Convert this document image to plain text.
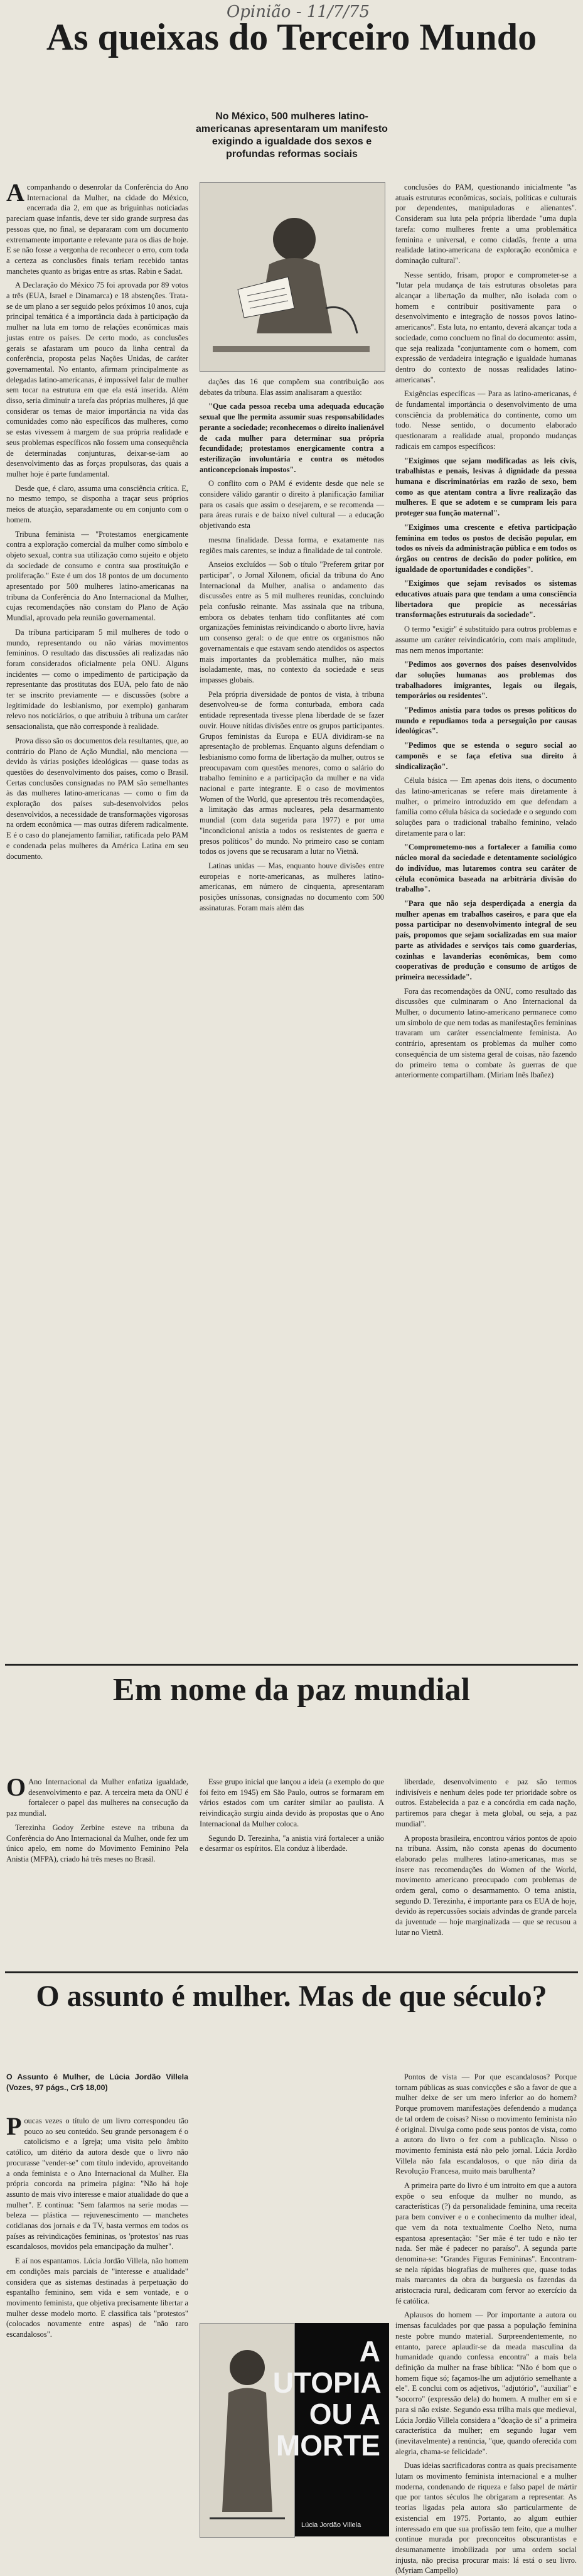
Opinião - 11/7/75
As queixas do Terceiro Mundo
No México, 500 mulheres latino-americanas apresentaram um manifesto exigindo a igualdade dos sexos e profundas reformas sociais

Acompanhando o desenrolar da Conferência do Ano Internacional da Mulher, na cidade do México, encerrada dia 2, em que as briguinhas noticiadas pareciam quase infantis, deve ter sido grande surpresa das pessoas que, no final, se depararam com um documento extremamente importante e relevante para os dias de hoje. E se não fosse a vergonha de reconhecer o erro, com toda a certeza as conclusões finais teriam recebido tantas manchetes quanto as brigas entre as srtas. Rabin e Sadat.

A Declaração do México 75 foi aprovada por 89 votos a três (EUA, Israel e Dinamarca) e 18 abstenções. Trata-se de um plano a ser seguido pelos próximos 10 anos, cuja principal temática é a importância dada à participação da mulher na luta em torno de relações econômicas mais justas entre os países. De certo modo, as conclusões gerais se afastaram um pouco da linha central da conferência, proposta pelas Nações Unidas, de caráter governamental. No entanto, afirmam principalmente as delegadas latino-americanas, é impossível falar de mulher sem tocar na estrutura em que ela está inserida. Além disso, seria diminuir a tarefa das próprias mulheres, já que considerar os temas de maior importância na vida das comunidades como não específicos das mulheres, como se estas vivessem à margem de sua própria realidade e seus problemas específicos não fossem uma consequência de determinadas conjunturas, deixar-se-iam ao desenvolvimento das as forças propulsoras, das quais a mulher hoje é parte fundamental.

Desde que, é claro, assuma uma consciência crítica. E, no mesmo tempo, se disponha a traçar seus próprios meios de atuação, separadamente ou em conjunto com o homem.

Tribuna feminista — "Protestamos energicamente contra a exploração comercial da mulher como símbolo e objeto sexual, contra sua utilização como sujeito e objeto da sociedade de consumo e contra sua prostituição e proliferação." Este é um dos 18 pontos de um documento apresentado por 500 mulheres latino-americanas na tribuna da Conferência do Ano Internacional da Mulher, cujas recomendações não constam do Plano de Ação Mundial, aprovado pela reunião governamental.

Da tribuna participaram 5 mil mulheres de todo o mundo, representando ou não várias movimentos femininos. O resultado das discussões ali realizadas não foram considerados oficialmente pela ONU. Alguns incidentes — como o impedimento de participação da representante das prostitutas dos EUA, pelo fato de não ter se inscrito previamente — e discussões (sobre a legitimidade do lesbianismo, por exemplo) ganharam relevo nos noticiários, o que atribuiu à tribuna um caráter sensacionalista, que não corresponde à realidade.

Prova disso são os documentos dela resultantes, que, ao contrário do Plano de Ação Mundial, não menciona — devido às várias posições ideológicas — quase todas as questões do desenvolvimento dos países, como o Brasil. Certas conclusões consignadas no PAM são semelhantes às das mulheres latino-americanas — como o fim da exploração dos países sub-desenvolvidos pelos desenvolvidos, a necessidade de transformações vigorosas na ordem econômica — mas outras diferem radicalmente. E é o caso do planejamento familiar, ratificada pelo PAM e condenada pelas mulheres da América Latina em seu documento.

dações das 16 que compõem sua contribuição aos debates da tribuna. Elas assim analisaram a questão:

"Que cada pessoa receba uma adequada educação sexual que lhe permita assumir suas responsabilidades perante a sociedade; reconhecemos o direito inalienável de cada mulher para determinar sua própria fecundidade; protestamos energicamente contra a esterilização involuntária e contra os métodos anticoncepcionais impostos".

O conflito com o PAM é evidente desde que nele se considere válido garantir o direito à planificação familiar para os casais que assim o desejarem, e se recomenda — para áreas rurais e de baixo nível cultural — a educação objetivando esta

mesma finalidade. Dessa forma, e exatamente nas regiões mais carentes, se induz a finalidade de tal controle.

Anseios excluídos — Sob o título "Preferem gritar por participar", o Jornal Xilonem, oficial da tribuna do Ano Internacional da Mulher, analisa o andamento das discussões entre as 5 mil mulheres reunidas, concluindo pela confusão reinante. Mas assinala que na tribuna, embora os debates tenham tido conflitantes até com organizações feministas reivindicando o aborto livre, havia um consenso geral: o de que entre os organismos não governamentais e que estavam sendo atendidos os aspectos mais importantes da problemática mulher, não mais isoladamente, mas, no contexto da sociedade e seus impasses globais.

Pela própria diversidade de pontos de vista, à tribuna desenvolveu-se de forma conturbada, embora cada entidade representada tivesse plena liberdade de se fazer ouvir. Houve nítidas divisões entre os grupos participantes. Grupos feministas da Europa e EUA dividiram-se na apresentação de problemas. Enquanto alguns defendiam o lesbianismo como forma de libertação da mulher, outros se preocupavam com questões menores, como o salário do trabalho feminino e a participação da mulher e na vida nacional e parte integrante. E o caso de movimentos Women of the World, que apresentou três recomendações, a limitação das armas nucleares, pela desarmamento mundial (com data sugerida para 1977) e por uma "incondicional anistia a todos os resistentes de guerra e presos políticos" do mundo. No primeiro caso se contam todos os jovens que se recusaram a lutar no Vietnã.

Latinas unidas — Mas, enquanto houve divisões entre europeias e norte-americanas, as mulheres latino-americanas, em número de cinquenta, apresentaram posições uníssonas, consignadas no documento com 500 assinaturas. Foram mais além das

conclusões do PAM, questionando inicialmente "as atuais estruturas econômicas, sociais, políticas e culturais por dependentes, manipuladoras e alienantes". Consideram sua luta pela própria liberdade "uma dupla tarefa: como mulheres frente a uma problemática feminina e universal, e como cidadãs, frente a uma realidade latino-americana de exploração econômica e dominação cultural".

Nesse sentido, frisam, propor e comprometer-se a "lutar pela mudança de tais estruturas obsoletas para alcançar a libertação da mulher, não isolada com o homem e contribuir positivamente para o desenvolvimento e integração de nossos povos latino-americanos". Esta luta, no entanto, deverá alcançar toda a sociedade, como concluem no final do documento: assim, que seja realizada "conjuntamente com o homem, com expressão de verdadeira integração e igualdade humanas dentro do contexto de nossas realidades latino-americanas".

Exigências específicas — Para as latino-americanas, é de fundamental importância o desenvolvimento de uma consciência da problemática do continente, como um todo. Nesse sentido, o documento elaborado questionaram a realidade atual, propondo mudanças radicais em campos específicos:

"Exigimos que sejam modificadas as leis civis, trabalhistas e penais, lesivas à dignidade da pessoa humana e discriminatórias em razão de sexo, bem como as que atentam contra a livre realização das mulheres. E que se adotem e se cumpram leis para proteger sua função maternal".

"Exigimos uma crescente e efetiva participação feminina em todos os postos de decisão popular, em todos os níveis da administração pública e em todos os órgãos ou centros de decisão do poder político, em igualdade de oportunidades e condições".

"Exigimos que sejam revisados os sistemas educativos atuais para que tendam a uma consciência libertadora que propicie as necessárias transformações estruturais da sociedade".

O termo "exigir" é substituído para outros problemas e assume um caráter reivindicatório, com mais amplitude, mas nem menos importante:

"Pedimos aos governos dos países desenvolvidos dar soluções humanas aos problemas dos trabalhadores imigrantes, legais ou ilegais, temporários ou residentes".

"Pedimos anistia para todos os presos políticos do mundo e repudiamos toda a perseguição por causas ideológicas".

"Pedimos que se estenda o seguro social ao camponês e se faça efetiva sua direito à sindicalização".

Célula básica — Em apenas dois itens, o documento das latino-americanas se refere mais diretamente à mulher, o primeiro introduzido em que defendam a família como célula básica da sociedade e o segundo com soluções para o tradicional trabalho feminino, velado diretamente para o lar:

"Comprometemo-nos a fortalecer a família como núcleo moral da sociedade e detentamente sociológico do indivíduo, mas lutaremos contra seu caráter de célula econômica baseada na arbitrária divisão do trabalho".

"Para que não seja desperdiçada a energia da mulher apenas em trabalhos caseiros, e para que ela possa participar no desenvolvimento integral de seu país, propomos que sejam socializadas em sua maior parte as atividades e serviços tais como guarderias, cozinhas e lavanderias econômicas, bem como cooperativas de produção e consumo de artigos de primeira necessidade".

Fora das recomendações da ONU, como resultado das discussões que culminaram o Ano Internacional da Mulher, o documento latino-americano permanece como um símbolo de que nem todas as manifestações femininas travaram um caráter essencialmente feminista. Ao contrário, apresentam os problemas da mulher como consequência de um sistema geral de coisas, não fazendo do primeiro tema o combate às guerras de que anteriormente compartilham. (Miriam Inês Ibañez)

Em nome da paz mundial

OAno Internacional da Mulher enfatiza igualdade, desenvolvimento e paz. A terceira meta da ONU é fortalecer o papel das mulheres na consecução da paz mundial.

Terezinha Godoy Zerbine esteve na tribuna da Conferência do Ano Internacional da Mulher, onde fez um único apelo, em nome do Movimento Feminino Pela Anistia (MFPA), criado há três meses no Brasil.

Esse grupo inicial que lançou a ideia (a exemplo do que foi feito em 1945) em São Paulo, outros se formaram em vários estados com um caráter similar ao paulista. A reivindicação surgiu ainda devido às propostas que o Ano Internacional da Mulher coloca.

Segundo D. Terezinha, "a anistia virá fortalecer a união e desarmar os espíritos. Ela conduz à liberdade.

liberdade, desenvolvimento e paz são termos indivisíveis e nenhum deles pode ter prioridade sobre os outros. Estabelecida a paz e a concórdia em cada nação, partiremos para chegar à meta global, ou seja, a paz mundial".

A proposta brasileira, encontrou vários pontos de apoio na tribuna. Assim, não consta apenas do documento elaborado pelas mulheres latino-americanas, mas se insere nas recomendações do Women of the World, movimento americano preocupado com problemas de ordem geral, como o desarmamento. O tema anistia, segundo D. Terezinha, é importante para os EUA de hoje, devido às repercussões sociais advindas de grande parcela da juventude — hoje marginalizada — que se recusou a lutar no Vietnã.

O assunto é mulher. Mas de que século?
O Assunto é Mulher, de Lúcia Jordão Villela (Vozes, 97 págs., Cr$ 18,00)

Poucas vezes o título de um livro correspondeu tão pouco ao seu conteúdo. Seu grande personagem é o catolicismo e a Igreja; uma visita pelo âmbito católico, um ditério da autora desde que o livro não procurasse "vender-se" com título indevido, aproveitando a onda feminista e o Ano Internacional da Mulher. Ela própria concorda na primeira página: "Não há hoje assunto de mais vivo interesse e maior atualidade do que a mulher". E continua: "Sem falarmos na serie modas — beleza — plástica — rejuvenescimento — manchetes cotidianas dos jornais e da TV, basta vermos em todos os países as reivindicações femininas, os 'protestos' nas ruas escandalosos, movidos pela emancipação da mulher".

E aí nos espantamos. Lúcia Jordão Villela, não homem em condições mais parciais de "interesse e atualidade" considera que as sistemas destinadas à perpetuação do espantalho feminino, sem vida e sem vontade, e o movimento feminista, que objetiva precisamente libertar a mulher desse modelo morto. E classifica tais "protestos" (colocados novamente entre aspas) de "não raro escandalosos".

A UTOPIA OU A MORTE
Lúcia Jordão Villela

Pontos de vista — Por que escandalosos? Porque tornam públicas as suas convicções e são a favor de que a mulher deixe de ser um mero inferior ao do homem? Porque promovem manifestações defendendo a mudança de tal ordem de coisas? Nisso o movimento feminista não é original. Divulga como pode seus pontos de vista, como a autora do livro o fez com a publicação. Nisso o movimento feminista está não pelo jornal. Lúcia Jordão Villela não fala escandalosos, o que não diria da Revolução Francesa, muito mais barulhenta?

A primeira parte do livro é um introito em que a autora expõe o seu enfoque da mulher no mundo, as características (?) da personalidade feminina, uma receita para bem conviver e o e conhecimento da mulher ideal, que vem da nota textualmente Coelho Neto, numa espantosa apresentação: "Ser mãe é ter tudo e não ter nada. Ser mãe é padecer no paraíso". A segunda parte denomina-se: "Grandes Figuras Femininas". Encontram-se nela rápidas biografias de mulheres que, quase todas mais marcantes da obra da burguesia os fazendas da aristocracia rural, dedicaram com fervor ao exercício da fé católica.

Aplausos do homem — Por importante a autora ou imensas faculdades por que passa a população feminina neste pobre mundo material. Surpreendentemente, no entanto, parece aplaudir-se da meada masculina da humanidade quando confessa encontra" a mais bela definição da mulher na frase bíblica: "Não é bom que o homem fique só; façamos-lhe um adjutório semelhante a ele". E conclui com os adjetivos, "adjutório", "auxiliar" e "socorro" (expressão dela) do homem. A mulher em si e para si não existe. Segundo essa trilha mais que medieval, Lúcia Jordão Villela considera a "doação de si" a primeira característica da mulher; em segundo lugar vem (inevitavelmente) a renúncia, "que, quando oferecida com alegria, chama-se felicidade".

Duas ideias sacrificadoras contra as quais precisamente lutam os movimento feminista internacional e a mulher moderna, condenando de riqueza e falso papel de mártir que por tantos séculos lhe obrigaram a representar. As teorias ligadas pela autora são particularmente de existencial em 1975. Portanto, ao algum euthier interessado em que sua profissão tem feito, que a mulher continue murada por preconceitos obscurantistas e desumanamente imobilizada por uma ordem social injusta, não precisa procurar mais: lá está o seu livro. (Myriam Campello)
